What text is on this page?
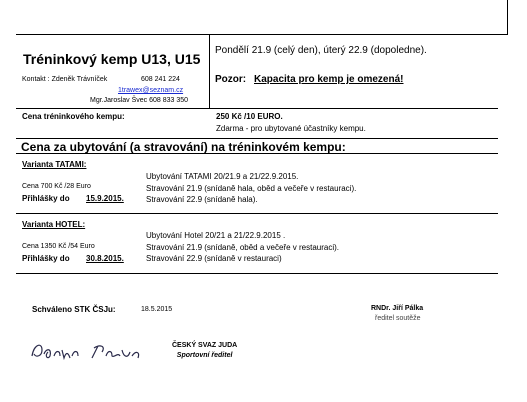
Tréninkový kemp U13, U15
Kontakt : Zdeněk Trávníček	608 241 224
1trawex@seznam.cz
Mgr.Jaroslav Švec 608 833 350
Pondělí 21.9 (celý den), úterý 22.9 (dopoledne).
Pozor: Kapacita pro kemp je omezená!
Cena tréninkového kempu:	250 Kč /10 EURO.
Zdarma - pro ubytované účastníky kempu.
Cena za ubytování (a stravování) na tréninkovém kempu:
Varianta TATAMI:
Cena 700 Kč /28 Euro
Přihlášky do 15.9.2015.
Ubytování TATAMI 20/21.9 a 21/22.9.2015.
Stravování 21.9 (snídaně hala, oběd a večeře v restauraci).
Stravování 22.9 (snídaně hala).
Varianta HOTEL:
Cena 1350 Kč /54 Euro
Přihlášky do 30.8.2015.
Ubytování Hotel 20/21 a 21/22.9.2015 .
Stravování 21.9 (snídaně, oběd a večeře v restauraci).
Stravování 22.9 (snídaně v restauraci)
Schváleno STK ČSJu:	18.5.2015	RNDr. Jiří Pálka
ředitel soutěže
ČESKÝ SVAZ JUDA
Sportovní ředitel
